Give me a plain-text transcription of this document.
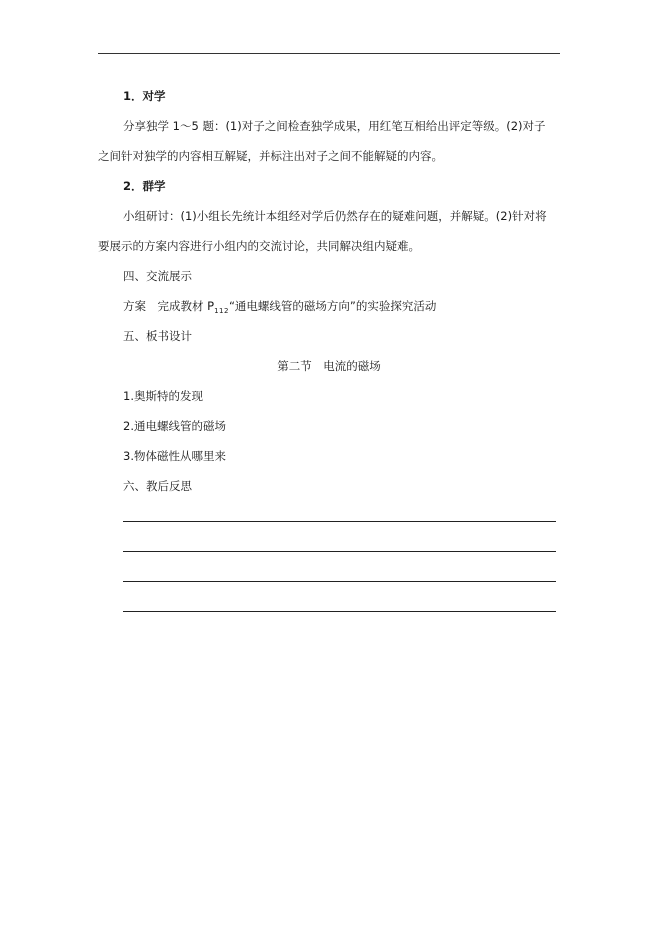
1．对学
分享独学 1～5 题：(1)对子之间检查独学成果，用红笔互相给出评定等级。(2)对子
之间针对独学的内容相互解疑，并标注出对子之间不能解疑的内容。
2．群学
小组研讨：(1)小组长先统计本组经对学后仍然存在的疑难问题，并解疑。(2)针对将
要展示的方案内容进行小组内的交流讨论，共同解决组内疑难。
四、交流展示
方案　完成教材 $P_{112}“$通电螺线管的磁场方向”的实验探究活动
五、板书设计
第二节　电流的磁场
1.奥斯特的发现
2.通电螺线管的磁场
3.物体磁性从哪里来
六、教后反思
